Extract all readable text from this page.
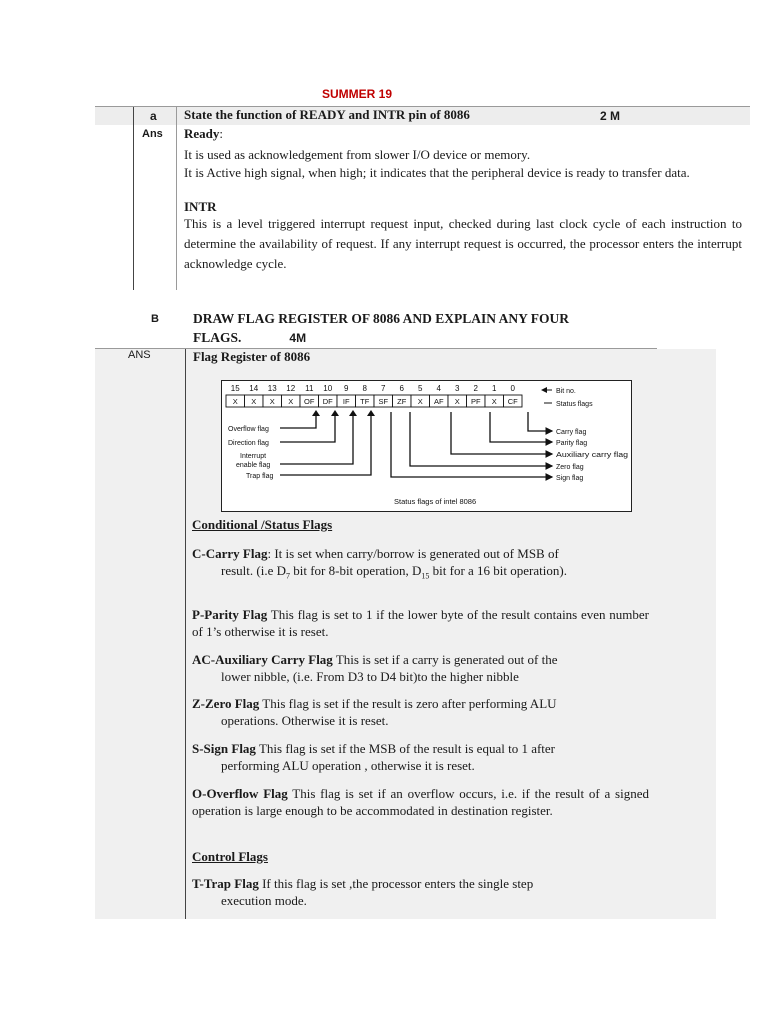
SUMMER 19
a State the function of READY and INTR pin of 8086	2 M
Ans Ready:
It is used as acknowledgement from slower I/O device or memory.
It is Active high signal, when high; it indicates that the peripheral device is ready to transfer data.
INTR
This is a level triggered interrupt request input, checked during last clock cycle of each instruction to determine the availability of request. If any interrupt request is occurred, the processor enters the interrupt acknowledge cycle.
B	DRAW FLAG REGISTER OF 8086 AND EXPLAIN ANY FOUR FLAGS.	4M
ANS	Flag Register of 8086
15 14 13 12 11 10 9 8 7 6 5 4 3 2 1 0
X X X X OF DF IF TF SF ZF X AF X PF X CF
Bit no.
Status flags
Overflow flag
Direction flag
Interrupt
enable flag
Trap flag
Carry flag
Parity flag
Auxiliary carry flag
Zero flag
Sign flag
Status flags of intel 8086
Conditional /Status Flags
C-Carry Flag: It is set when carry/borrow is generated out of MSB of
result. (i.e $D_7$ bit for 8-bit operation, $D_{15}$ bit for a 16 bit operation).
P-Parity Flag This flag is set to 1 if the lower byte of the result contains even number of 1’s otherwise it is reset.
AC-Auxiliary Carry Flag This is set if a carry is generated out of the
lower nibble, (i.e. From D3 to D4 bit)to the higher nibble
Z-Zero Flag This flag is set if the result is zero after performing ALU
operations. Otherwise it is reset.
S-Sign Flag This flag is set if the MSB of the result is equal to 1 after
performing ALU operation , otherwise it is reset.
O-Overflow Flag This flag is set if an overflow occurs, i.e. if the result of a signed operation is large enough to be accommodated in destination register.
Control Flags
T-Trap Flag If this flag is set ,the processor enters the single step
execution mode.
